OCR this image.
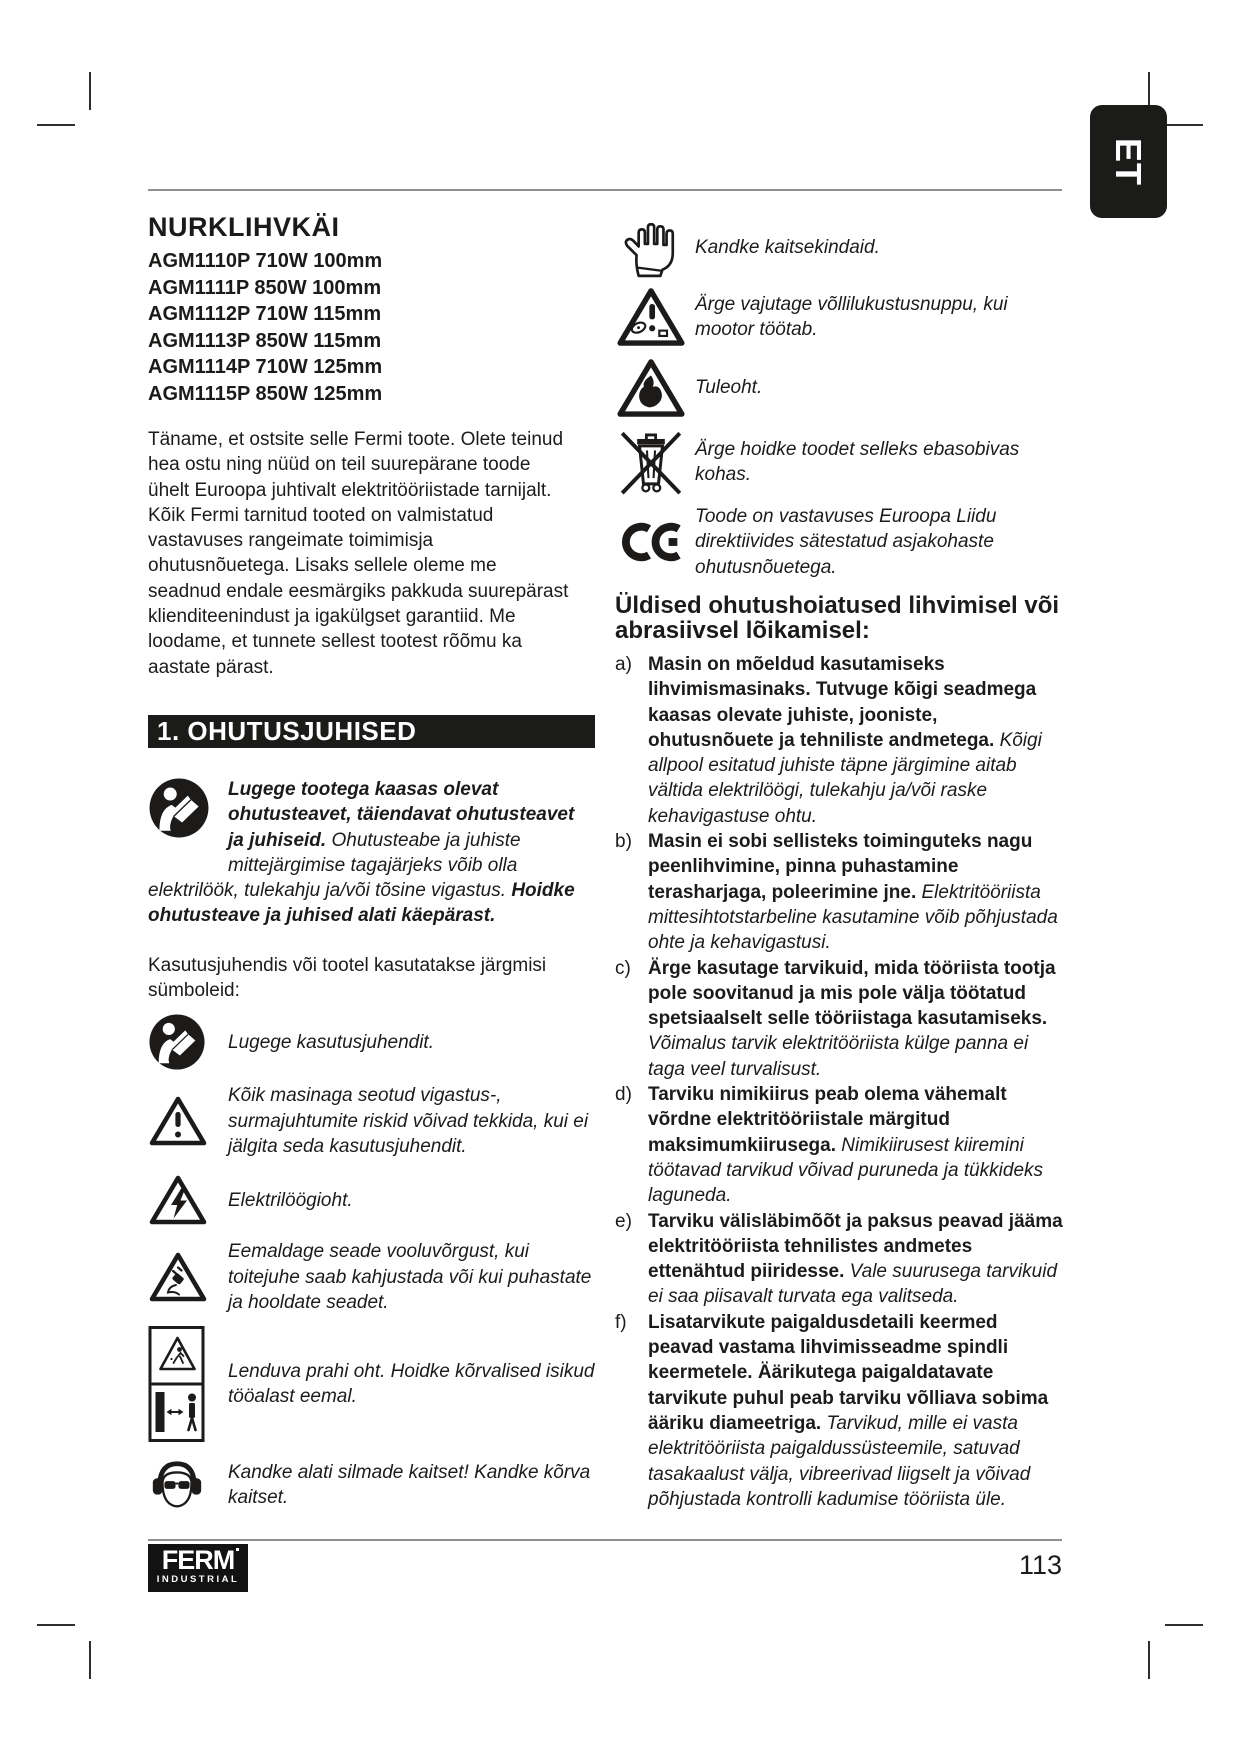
ET
NURKLIHVKÄI
AGM1110P 710W 100mm
AGM1111P 850W 100mm
AGM1112P 710W 115mm
AGM1113P 850W 115mm
AGM1114P 710W 125mm
AGM1115P 850W 125mm

Täname, et ostsite selle Fermi toote. Olete teinud hea ostu ning nüüd on teil suurepärane toode ühelt Euroopa juhtivalt elektritööriistade tarnijalt. Kõik Fermi tarnitud tooted on valmistatud vastavuses rangeimate toimimisja ohutusnõuetega. Lisaks sellele oleme me seadnud endale eesmärgiks pakkuda suurepärast klienditeenindust ja igakülgset garantiid. Me loodame, et tunnete sellest tootest rõõmu ka aastate pärast.

1. OHUTUSJUHISED

Lugege tootega kaasas olevat ohutusteavet, täiendavat ohutusteavet ja juhiseid. Ohutusteabe ja juhiste mittejärgimise tagajärjeks võib olla elektrilöök, tulekahju ja/või tõsine vigastus. Hoidke ohutusteave ja juhised alati käepärast.

Kasutusjuhendis või tootel kasutatakse järgmisi sümboleid:

Lugege kasutusjuhendit.
Kõik masinaga seotud vigastus-, surmajuhtumite riskid võivad tekkida, kui ei jälgita seda kasutusjuhendit.
Elektrilöögioht.
Eemaldage seade vooluvõrgust, kui toitejuhe saab kahjustada või kui puhastate ja hooldate seadet.
Lenduva prahi oht. Hoidke kõrvalised isikud tööalast eemal.
Kandke alati silmade kaitset! Kandke kõrva kaitset.
Kandke kaitsekindaid.
Ärge vajutage võllilukustusnuppu, kui mootor töötab.
Tuleoht.
Ärge hoidke toodet selleks ebasobivas kohas.
Toode on vastavuses Euroopa Liidu direktiivides sätestatud asjakohaste ohutusnõuetega.
Üldised ohutushoiatused lihvimisel või abrasiivsel lõikamisel:
a) Masin on mõeldud kasutamiseks lihvimismasinaks. Tutvuge kõigi seadmega kaasas olevate juhiste, jooniste, ohutusnõuete ja tehniliste andmetega. Kõigi allpool esitatud juhiste täpne järgimine aitab vältida elektrilöögi, tulekahju ja/või raske kehavigastuse ohtu.
b) Masin ei sobi sellisteks toiminguteks nagu peenlihvimine, pinna puhastamine terasharjaga, poleerimine jne. Elektritööriista mittesihtotstarbeline kasutamine võib põhjustada ohte ja kehavigastusi.
c) Ärge kasutage tarvikuid, mida tööriista tootja pole soovitanud ja mis pole välja töötatud spetsiaalselt selle tööriistaga kasutamiseks. Võimalus tarvik elektritööriista külge panna ei taga veel turvalisust.
d) Tarviku nimikiirus peab olema vähemalt võrdne elektritööriistale märgitud maksimumkiirusega. Nimikiirusest kiiremini töötavad tarvikud võivad puruneda ja tükkideks laguneda.
e) Tarviku välisläbimõõt ja paksus peavad jääma elektritööriista tehnilistes andmetes ettenähtud piiridesse. Vale suurusega tarvikuid ei saa piisavalt turvata ega valitseda.
f) Lisatarvikute paigaldusdetaili keermed peavad vastama lihvimisseadme spindli keermetele. Äärikutega paigaldatavate tarvikute puhul peab tarviku võlliava sobima ääriku diameetriga. Tarvikud, mille ei vasta elektritööriista paigaldussüsteemile, satuvad tasakaalust välja, vibreerivad liigselt ja võivad põhjustada kontrolli kadumise tööriista üle.
FERM
INDUSTRIAL	113
